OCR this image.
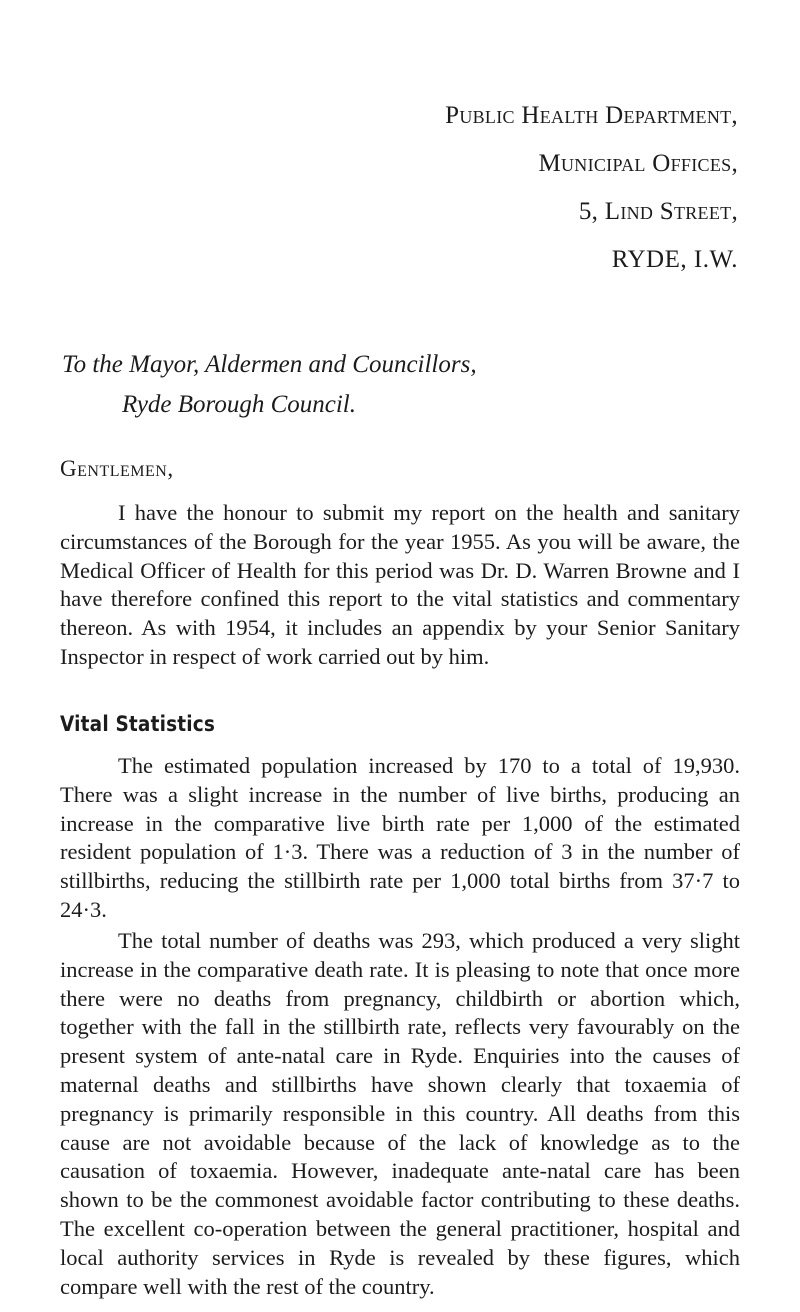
Public Health Department,
Municipal Offices,
5, Lind Street,
RYDE, I.W.
To the Mayor, Aldermen and Councillors,
Ryde Borough Council.
Gentlemen,

I have the honour to submit my report on the health and sanitary circumstances of the Borough for the year 1955. As you will be aware, the Medical Officer of Health for this period was Dr. D. Warren Browne and I have therefore confined this report to the vital statistics and commentary thereon. As with 1954, it includes an appendix by your Senior Sanitary Inspector in respect of work carried out by him.

Vital Statistics

The estimated population increased by 170 to a total of 19,930. There was a slight increase in the number of live births, producing an increase in the comparative live birth rate per 1,000 of the estimated resident population of 1·3. There was a reduction of 3 in the number of stillbirths, reducing the stillbirth rate per 1,000 total births from 37·7 to 24·3.

The total number of deaths was 293, which produced a very slight increase in the comparative death rate. It is pleasing to note that once more there were no deaths from pregnancy, childbirth or abortion which, together with the fall in the stillbirth rate, reflects very favourably on the present system of ante-natal care in Ryde. Enquiries into the causes of maternal deaths and stillbirths have shown clearly that toxaemia of pregnancy is primarily responsible in this country. All deaths from this cause are not avoidable because of the lack of knowledge as to the causation of toxaemia. However, inadequate ante-natal care has been shown to be the commonest avoidable factor contributing to these deaths. The excellent co-operation between the general practitioner, hospital and local authority services in Ryde is revealed by these figures, which compare well with the rest of the country.
